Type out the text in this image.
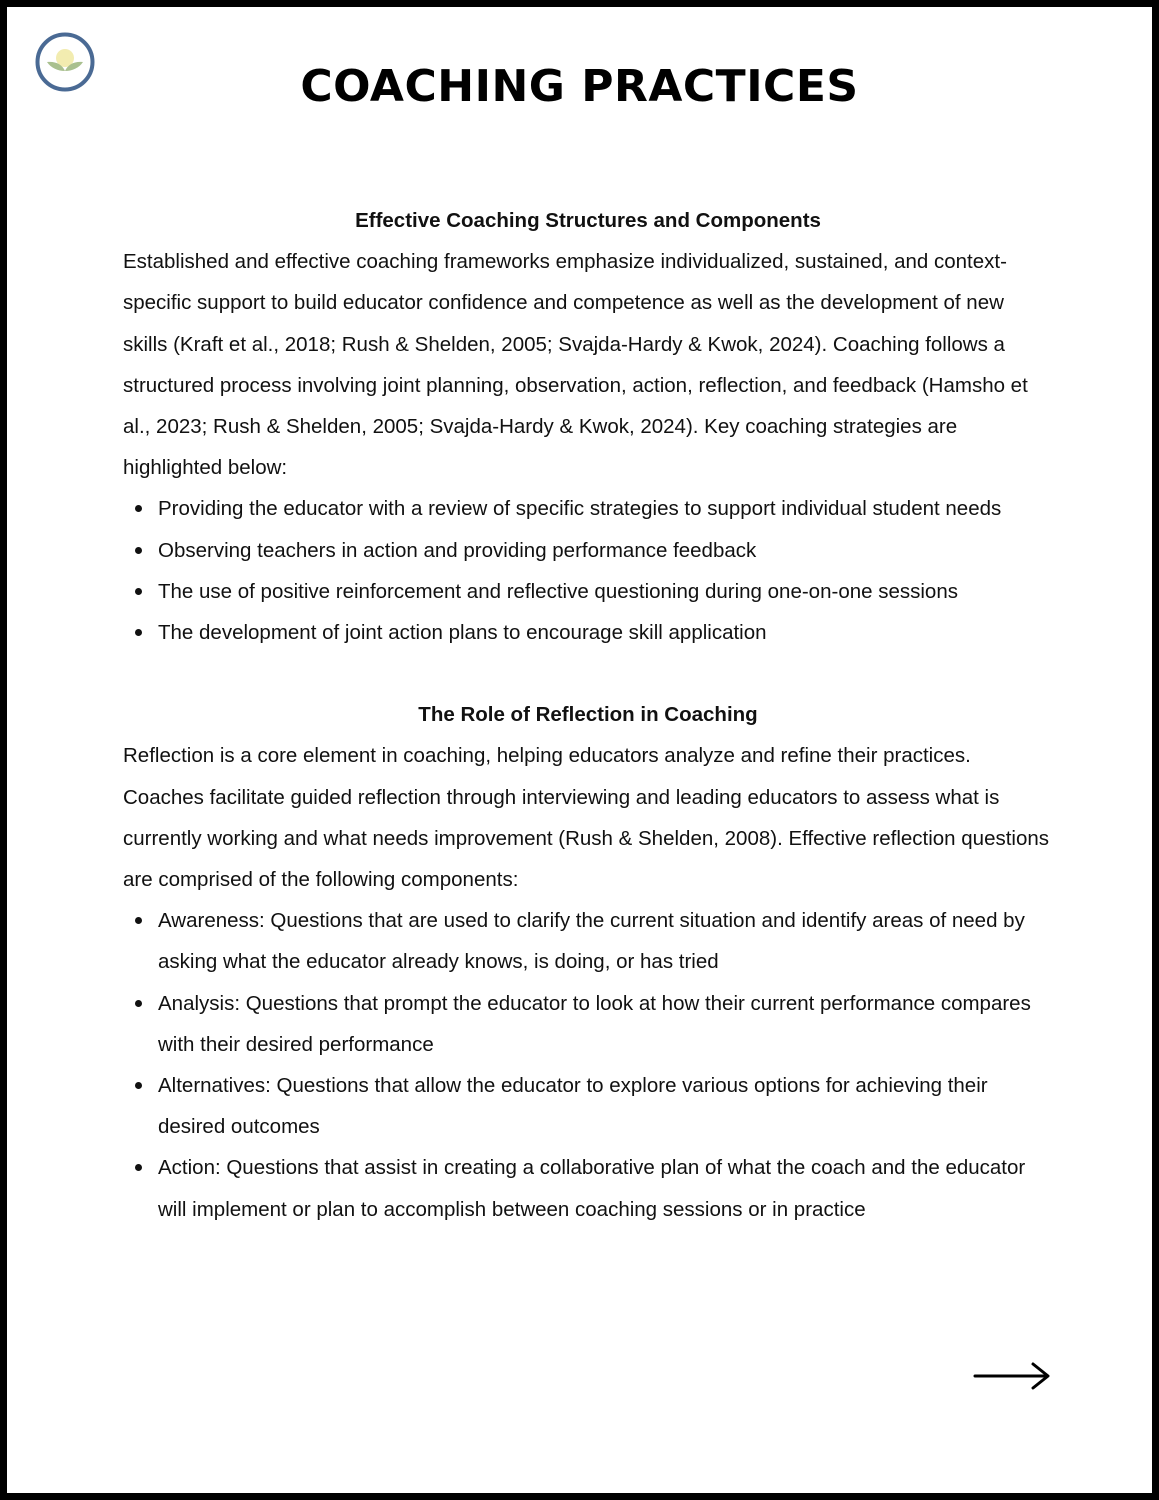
COACHING PRACTICES
Effective Coaching Structures and Components

Established and effective coaching frameworks emphasize individualized, sustained, and context-specific support to build educator confidence and competence as well as the development of new skills (Kraft et al., 2018; Rush & Shelden, 2005; Svajda-Hardy & Kwok, 2024). Coaching follows a structured process involving joint planning, observation, action, reflection, and feedback (Hamsho et al., 2023; Rush & Shelden, 2005; Svajda-Hardy & Kwok, 2024). Key coaching strategies are highlighted below:

Providing the educator with a review of specific strategies to support individual student needs
Observing teachers in action and providing performance feedback
The use of positive reinforcement and reflective questioning during one-on-one sessions
The development of joint action plans to encourage skill application
The Role of Reflection in Coaching

Reflection is a core element in coaching, helping educators analyze and refine their practices. Coaches facilitate guided reflection through interviewing and leading educators to assess what is currently working and what needs improvement (Rush & Shelden, 2008). Effective reflection questions are comprised of the following components:

Awareness: Questions that are used to clarify the current situation and identify areas of need by asking what the educator already knows, is doing, or has tried
Analysis: Questions that prompt the educator to look at how their current performance compares with their desired performance
Alternatives: Questions that allow the educator to explore various options for achieving their desired outcomes
Action: Questions that assist in creating a collaborative plan of what the coach and the educator will implement or plan to accomplish between coaching sessions or in practice
